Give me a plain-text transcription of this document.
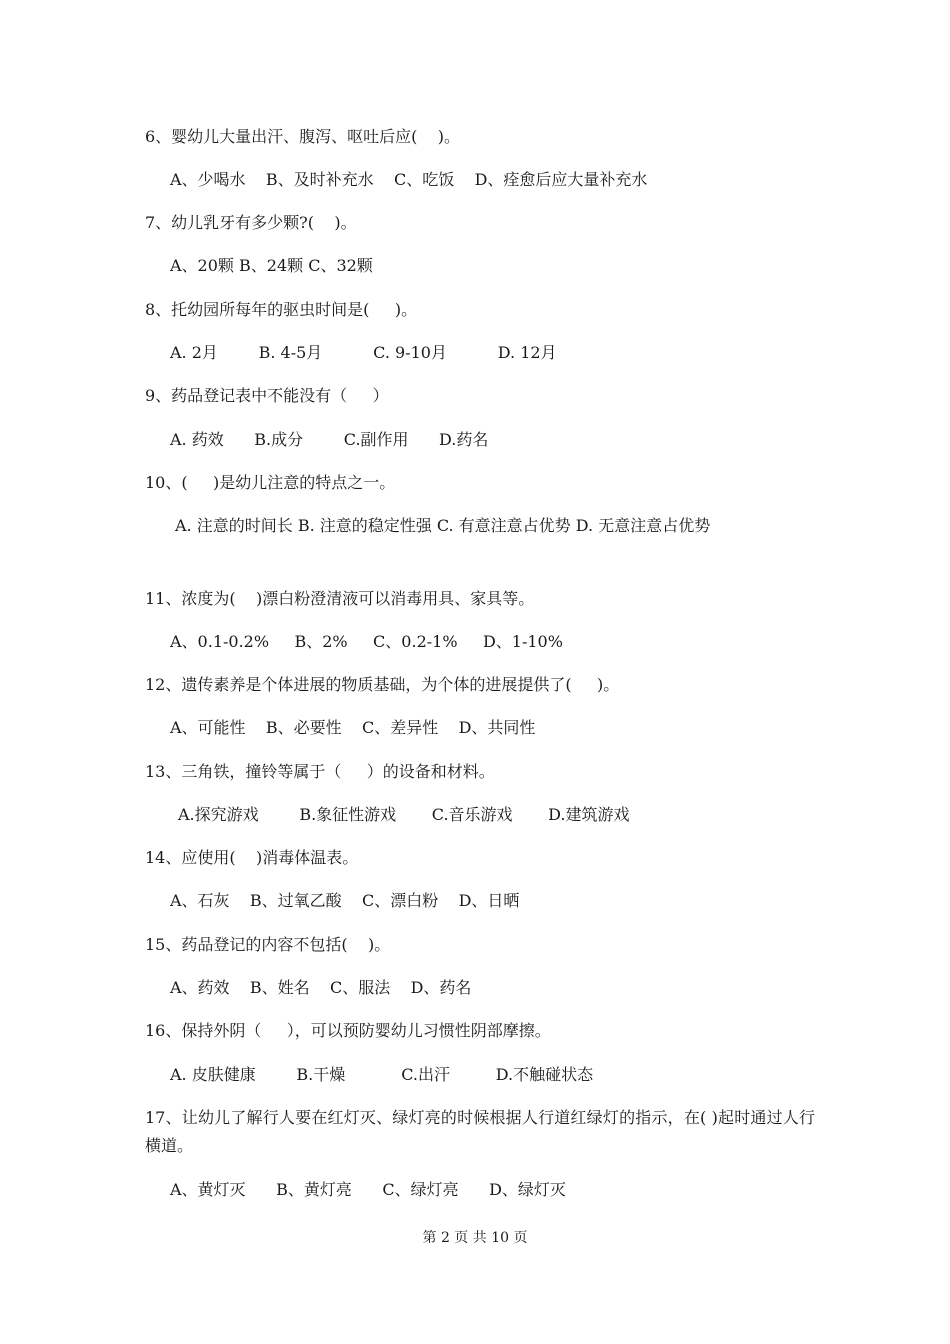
6、婴幼儿大量出汗、腹泻、呕吐后应(    )。
A、少喝水    B、及时补充水    C、吃饭    D、痊愈后应大量补充水
7、幼儿乳牙有多少颗?(    )。
A、20颗 B、24颗 C、32颗
8、托幼园所每年的驱虫时间是(     )。
A. 2月        B. 4-5月          C. 9-10月          D. 12月
9、药品登记表中不能没有（     ）
A. 药效      B.成分        C.副作用      D.药名
10、(     )是幼儿注意的特点之一。
A. 注意的时间长 B. 注意的稳定性强 C. 有意注意占优势 D. 无意注意占优势
11、浓度为(    )漂白粉澄清液可以消毒用具、家具等。
A、0.1-0.2%     B、2%     C、0.2-1%     D、1-10%
12、遗传素养是个体进展的物质基础，为个体的进展提供了(     )。
A、可能性    B、必要性    C、差异性    D、共同性
13、三角铁，撞铃等属于（     ）的设备和材料。
A.探究游戏        B.象征性游戏       C.音乐游戏       D.建筑游戏
14、应使用(    )消毒体温表。
A、石灰    B、过氧乙酸    C、漂白粉    D、日晒
15、药品登记的内容不包括(    )。
A、药效    B、姓名    C、服法    D、药名
16、保持外阴（     ），可以预防婴幼儿习惯性阴部摩擦。
A. 皮肤健康        B.干燥           C.出汗         D.不触碰状态
17、让幼儿了解行人要在红灯灭、绿灯亮的时候根据人行道红绿灯的指示，在( )起时通过人行横道。
A、黄灯灭      B、黄灯亮      C、绿灯亮      D、绿灯灭
第 2 页 共 10 页
